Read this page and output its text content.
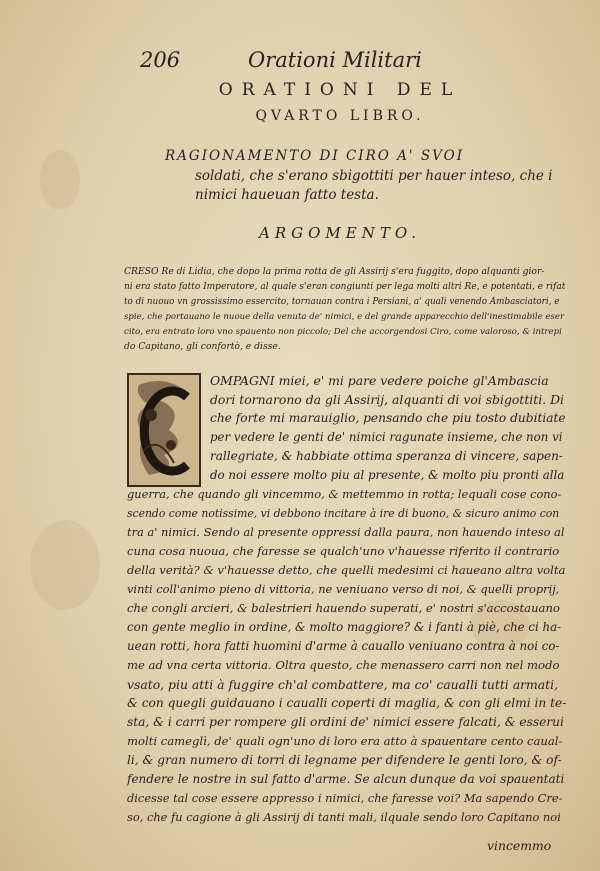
206	Orationi Militari
ORATIONI DEL
QVARTO LIBRO.
RAGIONAMENTO DI CIRO A' SVOI
soldati, che s'erano sbigottiti per hauer inteso, che i
nimici haueuan fatto testa.
ARGOMENTO.
CRESO Re di Lidia, che dopo la prima rotta de gli Assirij s'era fuggito, dopo alquanti gior-
ni era stato fatto Imperatore, al quale s'eran congiunti per lega molti altri Re, e potentati, e rifat
to di nuouo vn grossissimo essercito, tornauan contra i Persiani, a' quali venendo Ambasciatori, e
spie, che portauano le nuoue della venuta de' nimici, e del grande apparecchio dell'inestimabile eser
cito, era entrato loro vno spauento non piccolo; Del che accorgendosi Ciro, come valoroso, & intrepi
do Capitano, gli confortò, e disse.
OMPAGNI miei, e' mi pare vedere poiche gl'Ambascia
dori tornarono da gli Assirij, alquanti di voi sbigottiti. Di
che forte mi marauiglio, pensando che piu tosto dubitiate
per vedere le genti de' nimici ragunate insieme, che non vi
rallegriate, & habbiate ottima speranza di vincere, sapen-
do noi essere molto piu al presente, & molto piu pronti alla
guerra, che quando gli vincemmo, & mettemmo in rotta; lequali cose cono-
scendo come notissime, vi debbono incitare à ire di buono, & sicuro animo con
tra a' nimici. Sendo al presente oppressi dalla paura, non hauendo inteso al
cuna cosa nuoua, che faresse se qualch'uno v'hauesse riferito il contrario
della verità? & v'hauesse detto, che quelli medesimi ci haueano altra volta
vinti coll'animo pieno di vittoria, ne veniuano verso di noi, & quelli proprij,
che congli arcieri, & balestrieri hauendo superati, e' nostri s'accostauano
con gente meglio in ordine, & molto maggiore? & i fanti à piè, che ci ha-
uean rotti, hora fatti huomini d'arme à cauallo veniuano contra à noi co-
me ad vna certa vittoria. Oltra questo, che menassero carri non nel modo
vsato, piu atti à fuggire ch'al combattere, ma co' caualli tutti armati,
& con quegli guidauano i caualli coperti di maglia, & con gli elmi in te-
sta, & i carri per rompere gli ordini de' nimici essere falcati, & esserui
molti cameglì, de' quali ogn'uno di loro era atto à spauentare cento caual-
li, & gran numero di torri di legname per difendere le genti loro, & of-
fendere le nostre in sul fatto d'arme. Se alcun dunque da voi spauentati
dicesse tal cose essere appresso i nimici, che faresse voi? Ma sapendo Cre-
so, che fu cagione à gli Assirij di tanti mali, ilquale sendo loro Capitano noi
vincemmo
